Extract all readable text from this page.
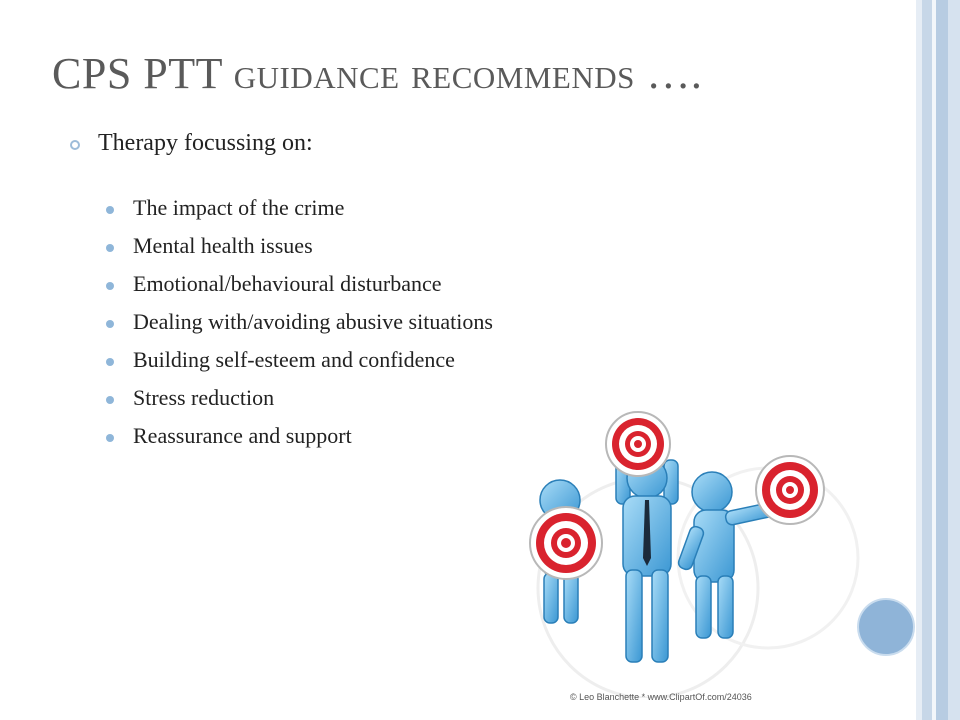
CPS PTT guidance recommends ….
Therapy focussing on:
The impact of the crime
Mental health issues
Emotional/behavioural disturbance
Dealing with/avoiding abusive situations
Building self-esteem and confidence
Stress reduction
Reassurance and support
© Leo Blanchette * www.ClipartOf.com/24036
